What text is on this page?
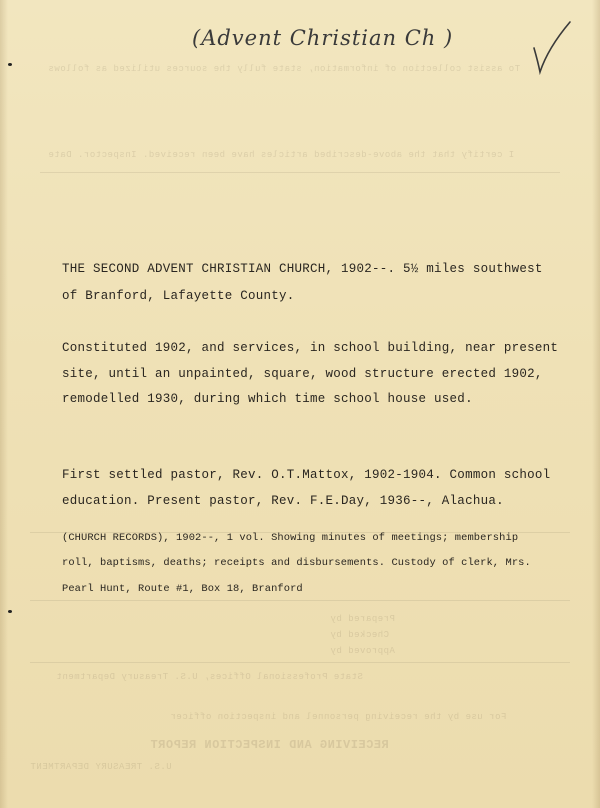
To assist collection of information, state fully the sources utilized as follows
I certify that the above-described articles have been received. Inspector. Date
Prepared by
Checked by
Approved by
State Professional Offices, U.S. Treasury Department
For use by the receiving personnel and inspection officer
RECEIVING AND INSPECTION REPORT
U.S. TREASURY DEPARTMENT
(Advent Christian Ch )
THE SECOND ADVENT CHRISTIAN CHURCH, 1902--. 5½ miles southwest
of Branford, Lafayette County.
Constituted 1902, and services, in school building, near present
site, until an unpainted, square, wood structure erected 1902,
remodelled 1930, during which time school house used.
First settled pastor, Rev. O.T.Mattox, 1902-1904. Common school
education. Present pastor, Rev. F.E.Day, 1936--, Alachua.
(CHURCH RECORDS), 1902--, 1 vol. Showing minutes of meetings; membership
roll, baptisms, deaths; receipts and disbursements. Custody of clerk, Mrs.
Pearl Hunt, Route #1, Box 18, Branford
